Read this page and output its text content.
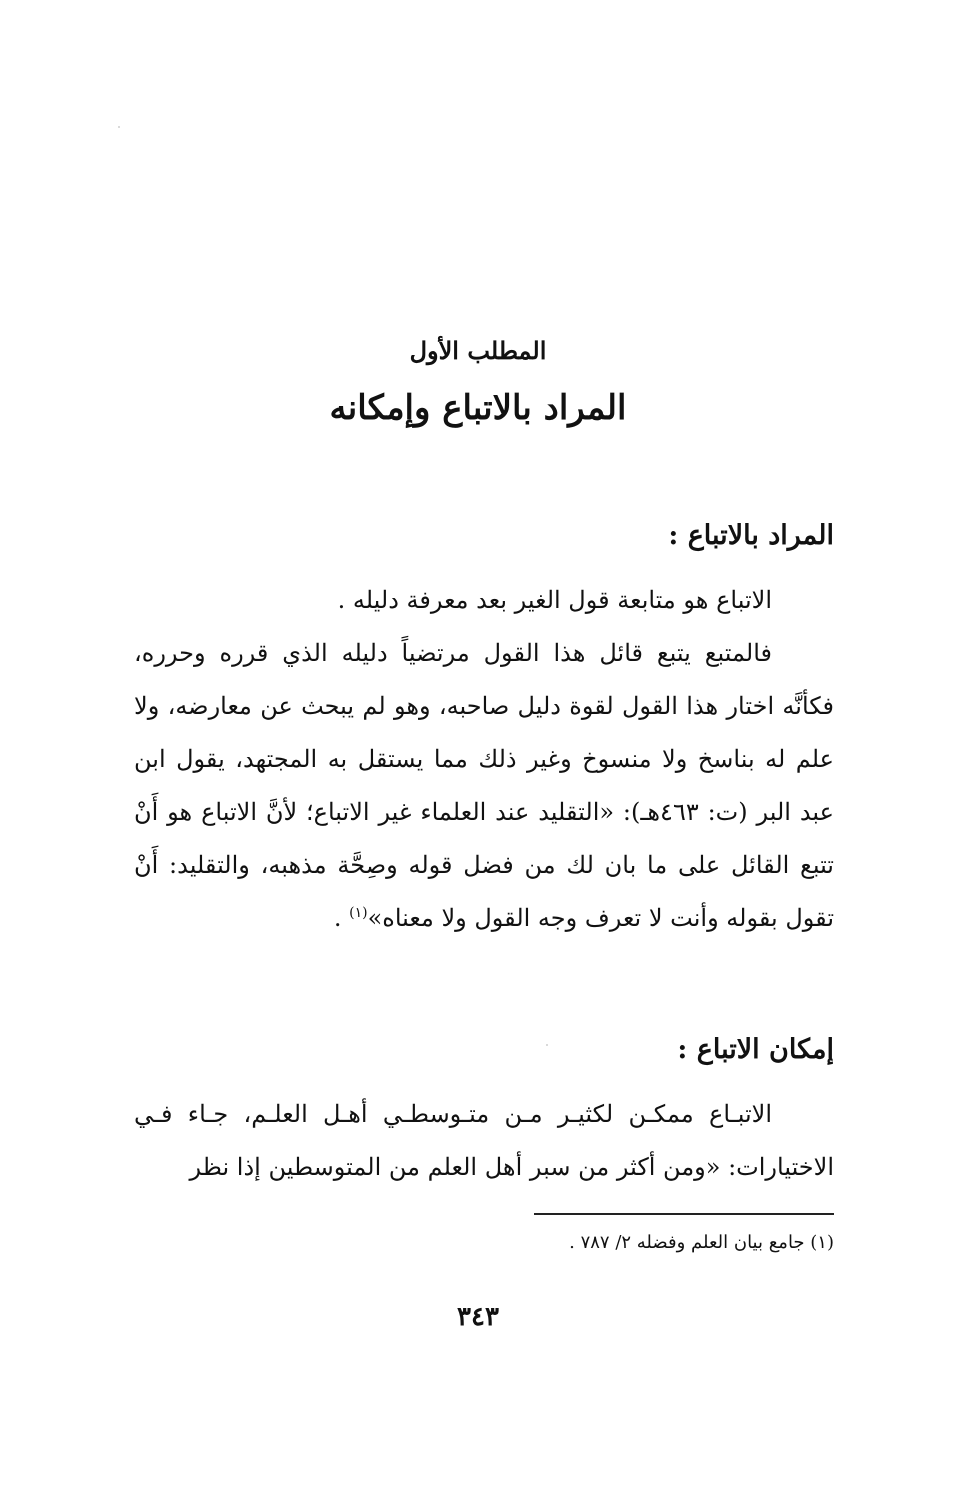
المطلب الأول
المراد بالاتباع وإمكانه
المراد بالاتباع :

الاتباع هو متابعة قول الغير بعد معرفة دليله .

فالمتبع يتبع قائل هذا القول مرتضياً دليله الذي قرره وحرره، فكأنَّه اختار هذا القول لقوة دليل صاحبه، وهو لم يبحث عن معارضه، ولا علم له بناسخ ولا منسوخ وغير ذلك مما يستقل به المجتهد، يقول ابن عبد البر (ت: ٤٦٣هـ): «التقليد عند العلماء غير الاتباع؛ لأنَّ الاتباع هو أَنْ تتبع القائل على ما بان لك من فضل قوله وصِحَّة مذهبه، والتقليد: أَنْ تقول بقوله وأنت لا تعرف وجه القول ولا معناه»$^{(١)}$ .

إمكان الاتباع :

الاتبـاع ممكـن لكثيـر مـن متـوسطـي أهـل العلـم، جـاء فـي الاختيارات: «ومن أكثر من سبر أهل العلم من المتوسطين إذا نظر

(١) جامع بيان العلم وفضله ٢/ ٧٨٧ .
٣٤٣
